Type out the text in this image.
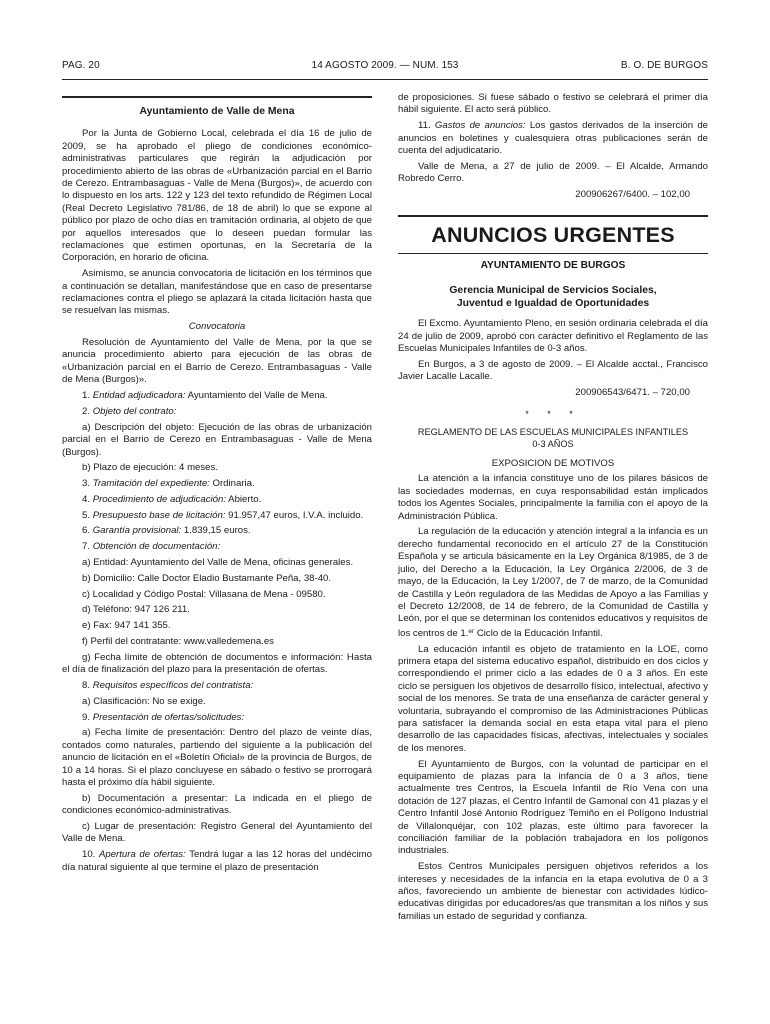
14 AGOSTO 2009. — NUM. 153
PAG. 20	B. O. DE BURGOS
Ayuntamiento de Valle de Mena

Por la Junta de Gobierno Local, celebrada el día 16 de julio de 2009, se ha aprobado el pliego de condiciones económico-administrativas particulares que regirán la adjudicación por procedimiento abierto de las obras de «Urbanización parcial en el Barrio de Cerezo. Entrambasaguas - Valle de Mena (Burgos)», de acuerdo con lo dispuesto en los arts. 122 y 123 del texto refundido de Régimen Local (Real Decreto Legislativo 781/86, de 18 de abril) lo que se expone al público por plazo de ocho días en tramitación ordinaria, al objeto de que por aquellos interesados que lo deseen puedan formular las reclamaciones que estimen oportunas, en la Secretaría de la Corporación, en horario de oficina.

Asimismo, se anuncia convocatoria de licitación en los términos que a continuación se detallan, manifestándose que en caso de presentarse reclamaciones contra el pliego se aplazará la citada licitación hasta que se resuelvan las mismas.

Convocatoria

Resolución de Ayuntamiento del Valle de Mena, por la que se anuncia procedimiento abierto para ejecución de las obras de «Urbanización parcial en el Barrio de Cerezo. Entrambasaguas - Valle de Mena (Burgos)».

1. Entidad adjudicadora: Ayuntamiento del Valle de Mena.

2. Objeto del contrato:

a) Descripción del objeto: Ejecución de las obras de urbanización parcial en el Barrio de Cerezo en Entrambasaguas - Valle de Mena (Burgos).

b) Plazo de ejecución: 4 meses.

3. Tramitación del expediente: Ordinaria.

4. Procedimiento de adjudicación: Abierto.

5. Presupuesto base de licitación: 91.957,47 euros, I.V.A. incluido.

6. Garantía provisional: 1.839,15 euros.

7. Obtención de documentación:

a) Entidad: Ayuntamiento del Valle de Mena, oficinas generales.

b) Domicilio: Calle Doctor Eladio Bustamante Peña, 38-40.

c) Localidad y Código Postal: Villasana de Mena - 09580.

d) Teléfono: 947 126 211.

e) Fax: 947 141 355.

f) Perfil del contratante: www.valledemena.es

g) Fecha límite de obtención de documentos e información: Hasta el día de finalización del plazo para la presentación de ofertas.

8. Requisitos específicos del contratista:

a) Clasificación: No se exige.

9. Presentación de ofertas/solicitudes:

a) Fecha límite de presentación: Dentro del plazo de veinte días, contados como naturales, partiendo del siguiente a la publicación del anuncio de licitación en el «Boletín Oficial» de la provincia de Burgos, de 10 a 14 horas. Si el plazo concluyese en sábado o festivo se prorrogará hasta el próximo día hábil siguiente.

b) Documentación a presentar: La indicada en el pliego de condiciones económico-administrativas.

c) Lugar de presentación: Registro General del Ayuntamiento del Valle de Mena.

10. Apertura de ofertas: Tendrá lugar a las 12 horas del undécimo día natural siguiente al que termine el plazo de presentación

de proposiciones. Si fuese sábado o festivo se celebrará el primer día hábil siguiente. El acto será público.

11. Gastos de anuncios: Los gastos derivados de la inserción de anuncios en boletines y cualesquiera otras publicaciones serán de cuenta del adjudicatario.

Valle de Mena, a 27 de julio de 2009. – El Alcalde, Armando Robredo Cerro.

200906267/6400. – 102,00

ANUNCIOS URGENTES
AYUNTAMIENTO DE BURGOS
Gerencia Municipal de Servicios Sociales,
Juventud e Igualdad de Oportunidades

El Excmo. Ayuntamiento Pleno, en sesión ordinaria celebrada el día 24 de julio de 2009, aprobó con carácter definitivo el Reglamento de las Escuelas Municipales Infantiles de 0-3 años.

En Burgos, a 3 de agosto de 2009. – El Alcalde acctal., Francisco Javier Lacalle Lacalle.

200906543/6471. – 720,00

* * *
REGLAMENTO DE LAS ESCUELAS MUNICIPALES INFANTILES
0-3 AÑOS
EXPOSICION DE MOTIVOS

La atención a la infancia constituye uno de los pilares básicos de las sociedades modernas, en cuya responsabilidad están implicados todos los Agentes Sociales, principalmente la familia con el apoyo de la Administración Pública.

La regulación de la educación y atención integral a la infancia es un derecho fundamental reconocido en el artículo 27 de la Constitución Española y se articula básicamente en la Ley Orgánica 8/1985, de 3 de julio, del Derecho a la Educación, la Ley Orgánica 2/2006, de 3 de mayo, de la Educación, la Ley 1/2007, de 7 de marzo, de la Comunidad de Castilla y León reguladora de las Medidas de Apoyo a las Familias y el Decreto 12/2008, de 14 de febrero, de la Comunidad de Castilla y León, por el que se determinan los contenidos educativos y requisitos de los centros de 1.$^{er}$ Ciclo de la Educación Infantil.

La educación infantil es objeto de tratamiento en la LOE, como primera etapa del sistema educativo español, distribuido en dos ciclos y correspondiendo el primer ciclo a las edades de 0 a 3 años. En este ciclo se persiguen los objetivos de desarrollo físico, intelectual, afectivo y social de los menores. Se trata de una enseñanza de carácter general y voluntaria, subrayando el compromiso de las Administraciones Públicas para satisfacer la demanda social en esta etapa vital para el pleno desarrollo de las capacidades físicas, afectivas, intelectuales y sociales de los menores.

El Ayuntamiento de Burgos, con la voluntad de participar en el equipamiento de plazas para la infancia de 0 a 3 años, tiene actualmente tres Centros, la Escuela Infantil de Río Vena con una dotación de 127 plazas, el Centro Infantil de Gamonal con 41 plazas y el Centro Infantil José Antonio Rodríguez Temiño en el Polígono Industrial de Villalonquéjar, con 102 plazas, este último para favorecer la conciliación familiar de la población trabajadora en los polígonos industriales.

Estos Centros Municipales persiguen objetivos referidos a los intereses y necesidades de la infancia en la etapa evolutiva de 0 a 3 años, favoreciendo un ambiente de bienestar con actividades lúdico-educativas dirigidas por educadores/as que transmitan a los niños y sus familias un estado de seguridad y confianza.
